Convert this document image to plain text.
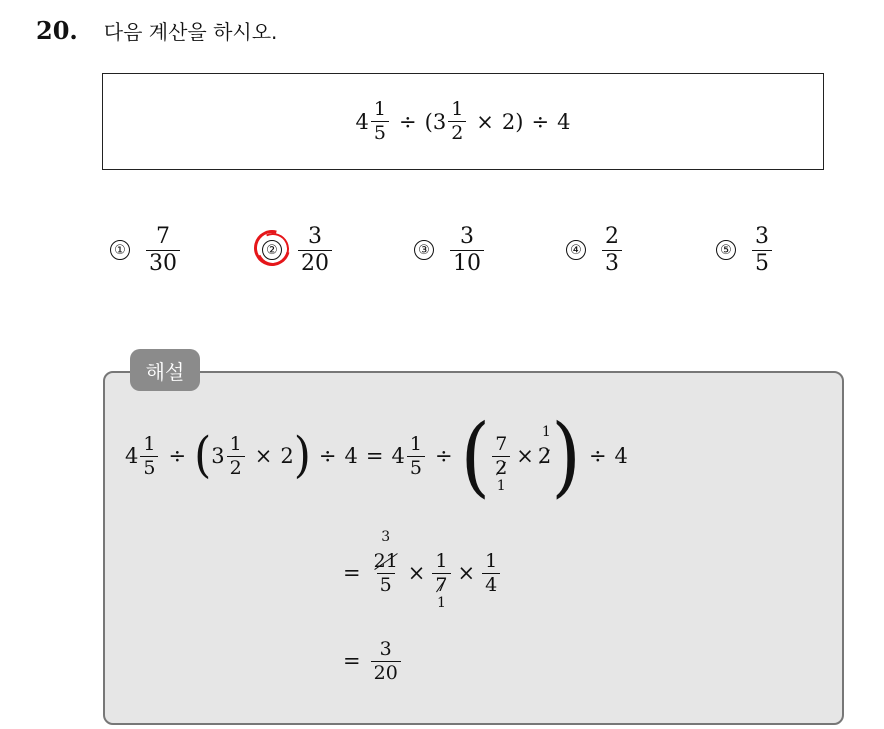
20. 다음 계산을 하시오.
$4 \frac{1}{5}$ ÷ ( $3 \frac{1}{2} \times 2$ ) ÷ 4
① $\frac{7}{30}$	② $\frac{3}{20}$	③ $\frac{3}{10}$	④ $\frac{2}{3}$	⑤ $\frac{3}{5}$
해설
$4 \frac{1}{5}$ ÷ ( $3 \frac{1}{2} \times 2$ ) ÷ $4 = 4 \frac{1}{5}$ ÷ ( 7
2
1 ×
1
2 ) ÷ 4
= 3
21
5 × 1
7
$1 \times \frac{1}{4}$
= $\frac{3}{20}$
